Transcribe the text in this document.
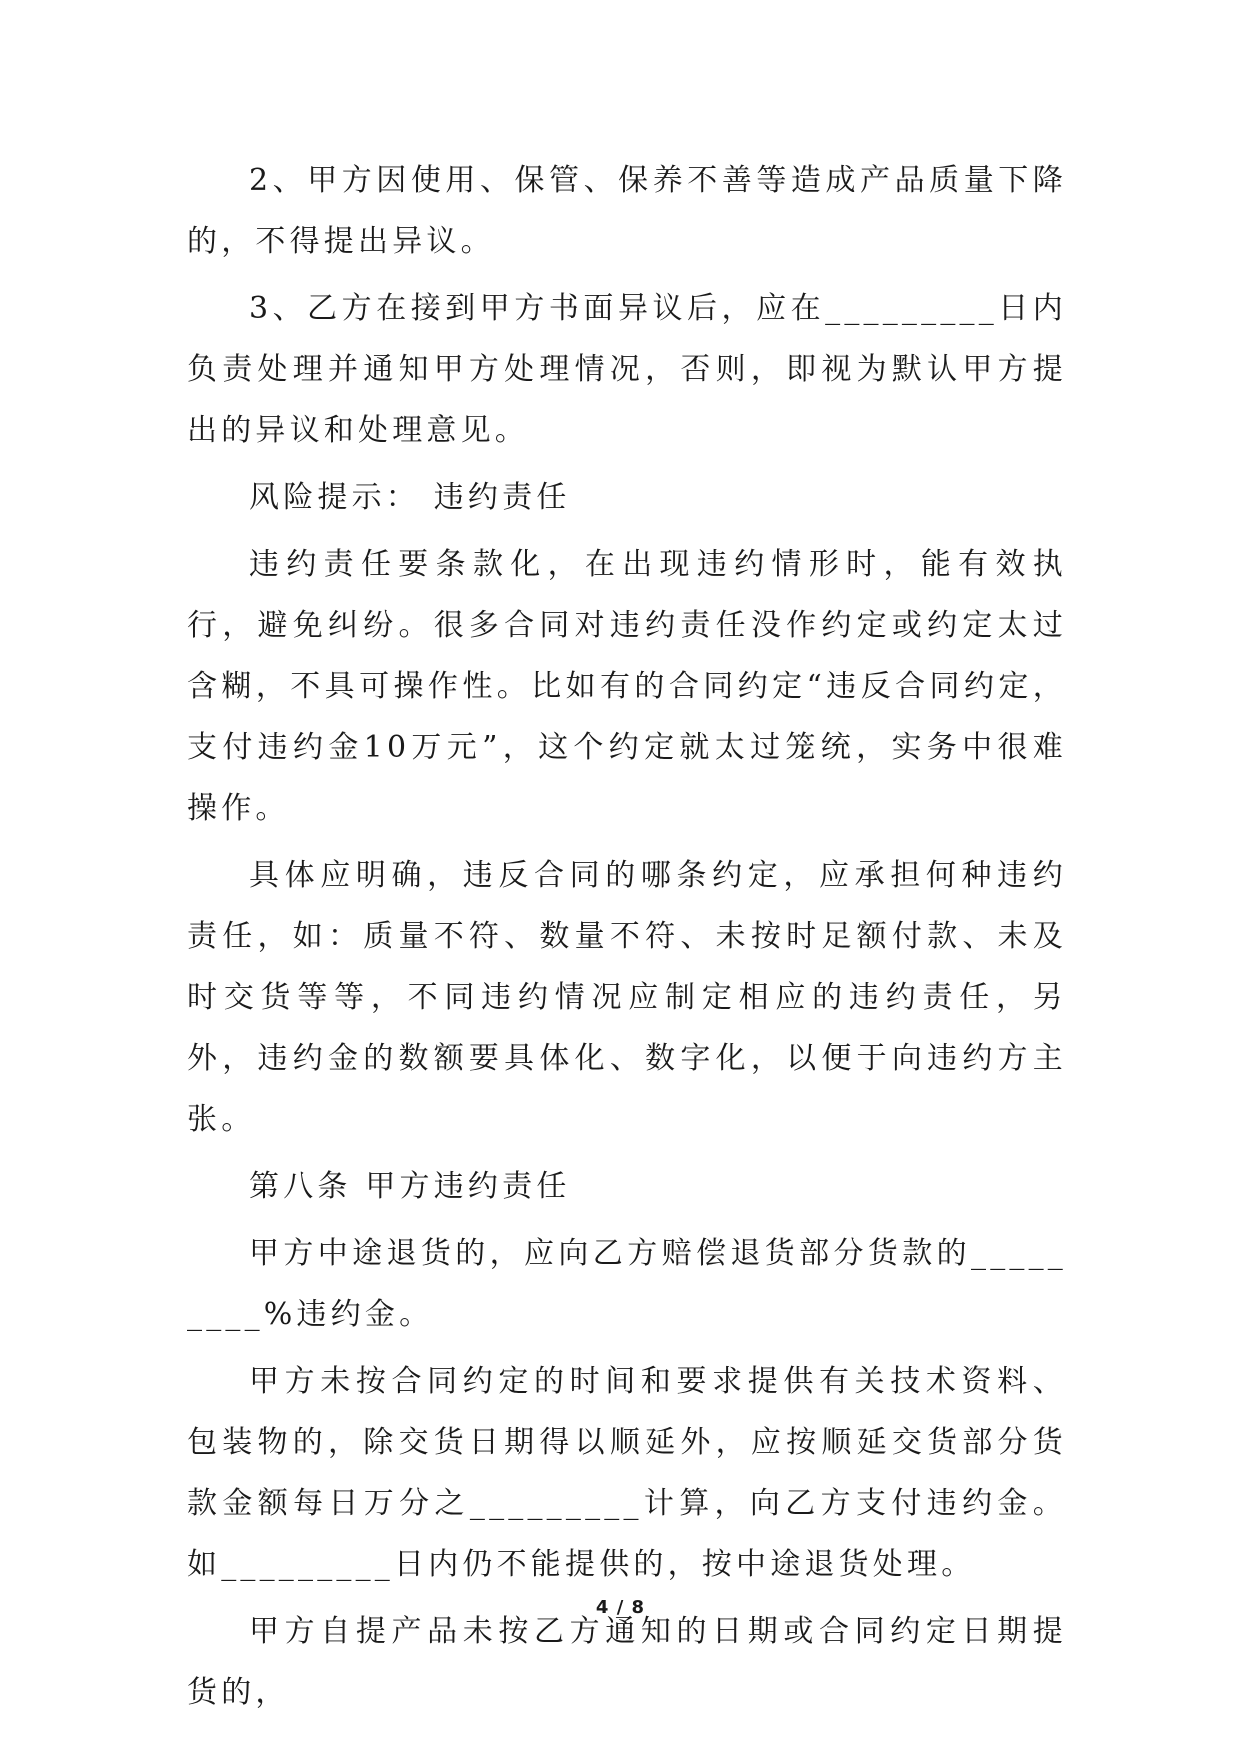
2、甲方因使用、保管、保养不善等造成产品质量下降的，不得提出异议。

3、乙方在接到甲方书面异议后，应在_________日内负责处理并通知甲方处理情况，否则，即视为默认甲方提出的异议和处理意见。

风险提示： 违约责任

违约责任要条款化，在出现违约情形时，能有效执行，避免纠纷。很多合同对违约责任没作约定或约定太过含糊，不具可操作性。比如有的合同约定“违反合同约定，支付违约金10万元”，这个约定就太过笼统，实务中很难操作。

具体应明确，违反合同的哪条约定，应承担何种违约责任，如：质量不符、数量不符、未按时足额付款、未及时交货等等，不同违约情况应制定相应的违约责任，另外，违约金的数额要具体化、数字化，以便于向违约方主张。

第八条 甲方违约责任

甲方中途退货的，应向乙方赔偿退货部分货款的_________%违约金。

甲方未按合同约定的时间和要求提供有关技术资料、包装物的，除交货日期得以顺延外，应按顺延交货部分货款金额每日万分之_________计算，向乙方支付违约金。如_________日内仍不能提供的，按中途退货处理。

甲方自提产品未按乙方通知的日期或合同约定日期提货的，

4 / 8
